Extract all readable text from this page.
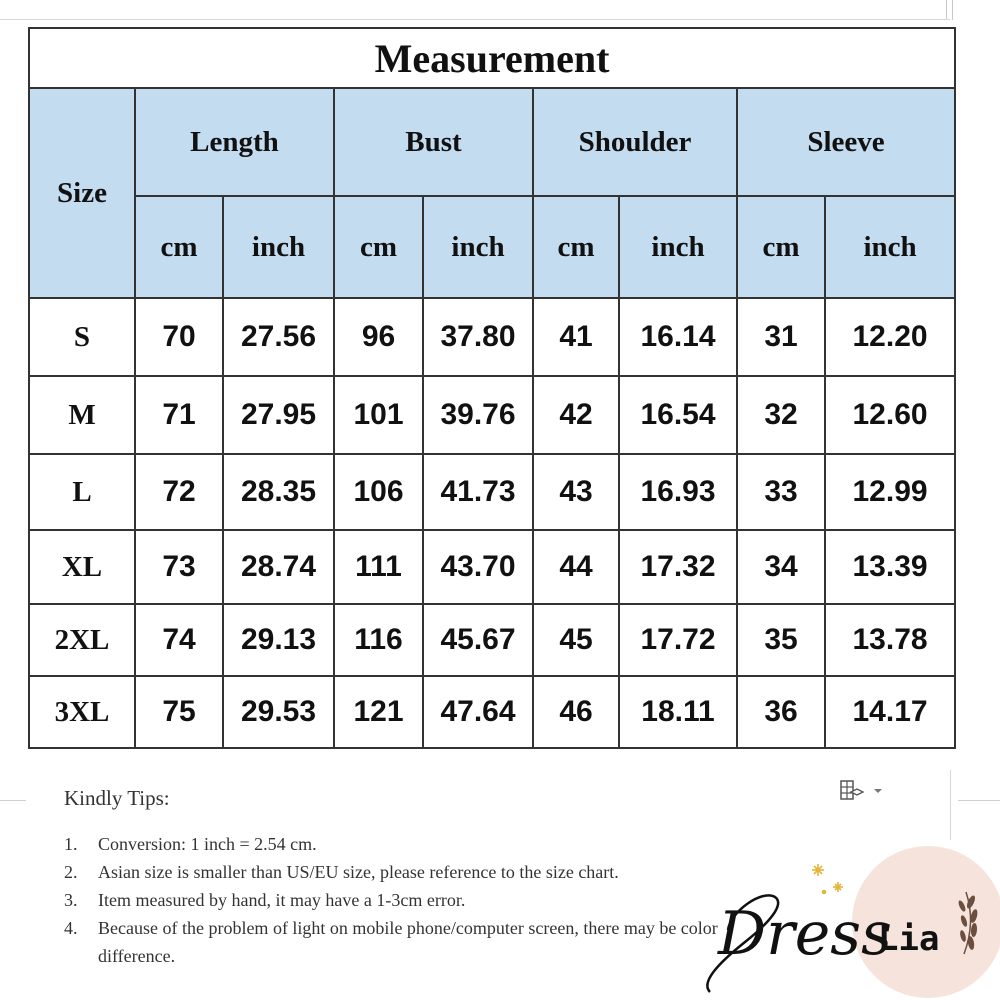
Measurement								
Size	Length		Bust		Shoulder		Sleeve	
	cm	inch	cm	inch	cm	inch	cm	inch
S	70	27.56	96	37.80	41	16.14	31	12.20
M	71	27.95	101	39.76	42	16.54	32	12.60
L	72	28.35	106	41.73	43	16.93	33	12.99
XL	73	28.74	111	43.70	44	17.32	34	13.39
2XL	74	29.13	116	45.67	45	17.72	35	13.78
3XL	75	29.53	121	47.64	46	18.11	36	14.17
Kindly Tips:
1.	Conversion: 1 inch = 2.54 cm.
2.	Asian size is smaller than US/EU size, please reference to the size chart.
3.	Item measured by hand, it may have a 1-3cm error.
4.	Because of the problem of light on mobile phone/computer screen, there may be color difference.	Dress
Lia
